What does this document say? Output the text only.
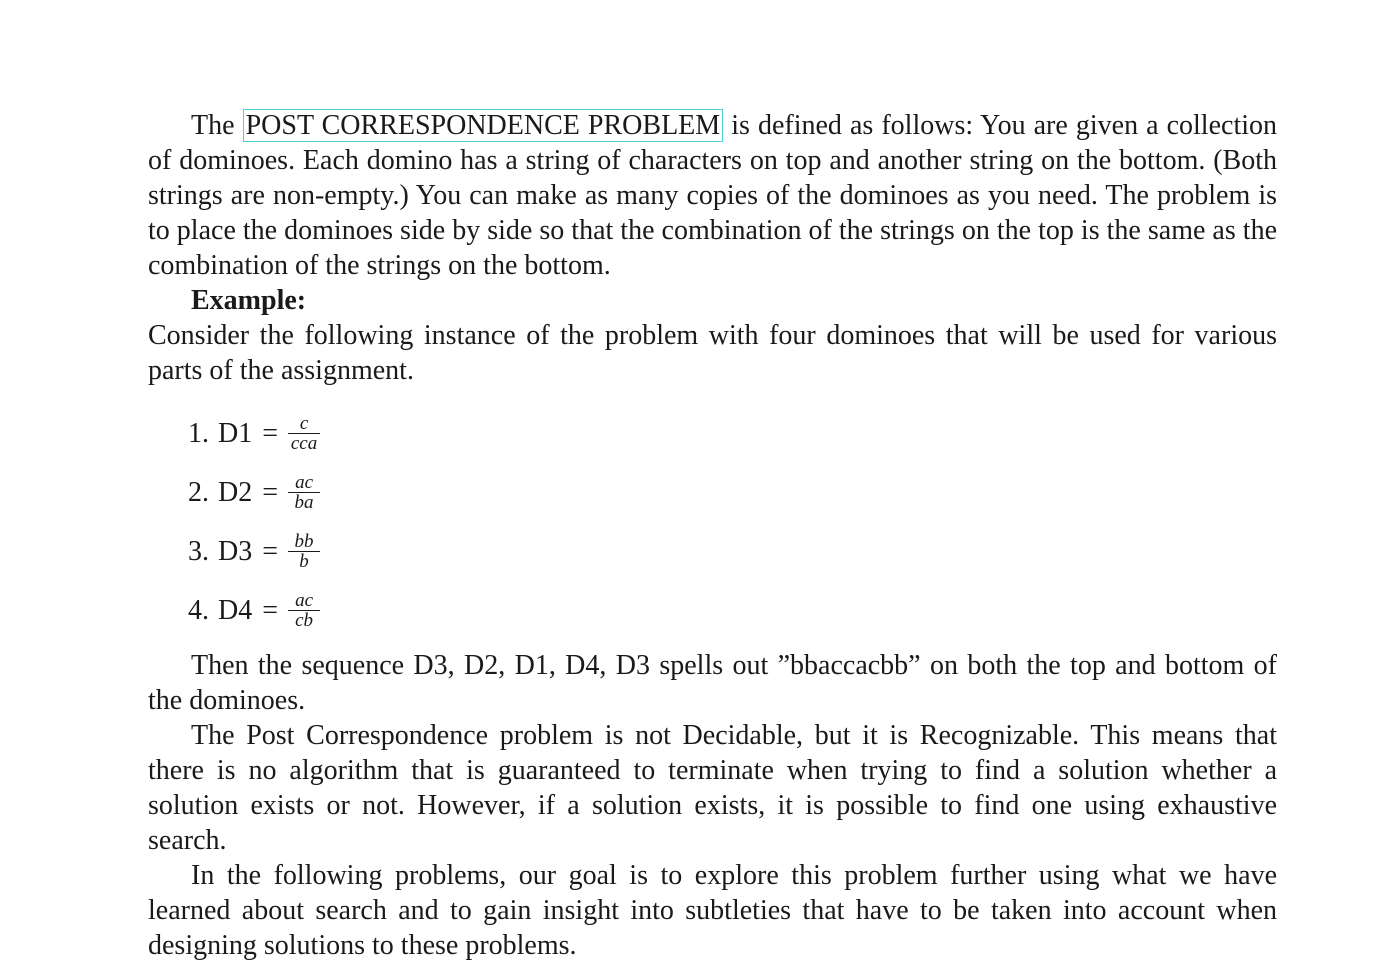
The POST CORRESPONDENCE PROBLEM is defined as follows: You are given a collection of dominoes. Each domino has a string of characters on top and another string on the bottom. (Both strings are non-empty.) You can make as many copies of the dominoes as you need. The problem is to place the dominoes side by side so that the combination of the strings on the top is the same as the combination of the strings on the bottom.

Example:

Consider the following instance of the problem with four dominoes that will be used for various parts of the assignment.

1. $D1 = \frac{c}{\text{cca}}$
2. $D2 = \frac{ac}{ba}$
3. $D3 = \frac{bb}{b}$
4. $D4 = \frac{ac}{cb}$

Then the sequence D3, D2, D1, D4, D3 spells out ”bbaccacbb” on both the top and bottom of the dominoes.

The Post Correspondence problem is not Decidable, but it is Recognizable. This means that there is no algorithm that is guaranteed to terminate when trying to find a solution whether a solution exists or not. However, if a solution exists, it is possible to find one using exhaustive search.

In the following problems, our goal is to explore this problem further using what we have learned about search and to gain insight into subtleties that have to be taken into account when designing solutions to these problems.
